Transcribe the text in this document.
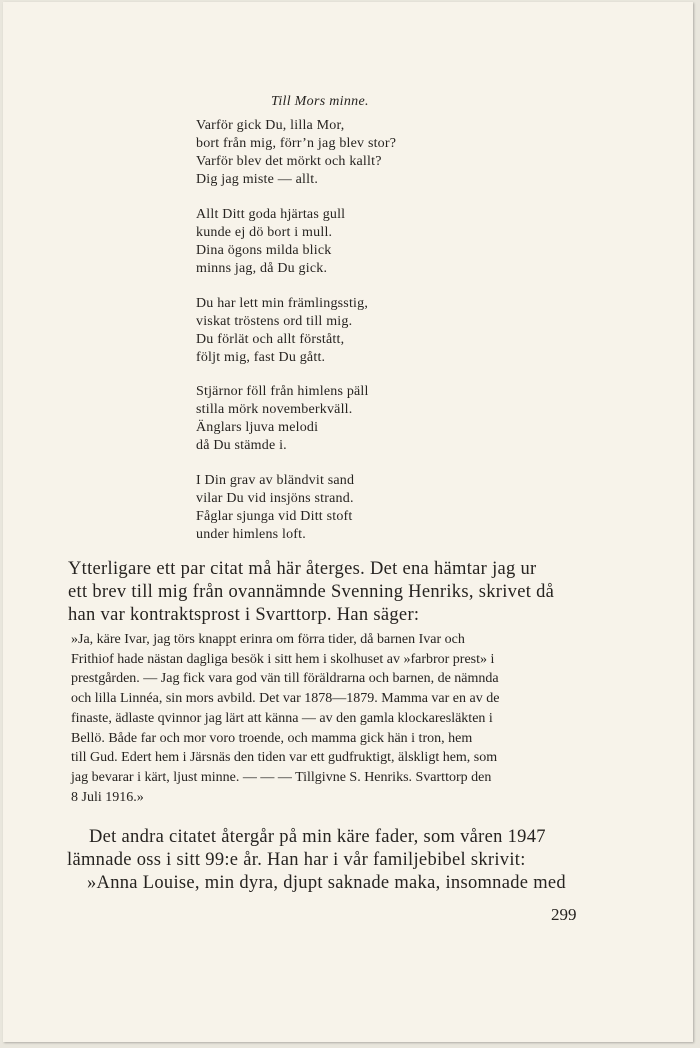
Till Mors minne.
Varför gick Du, lilla Mor,
bort från mig, förr’n jag blev stor?
Varför blev det mörkt och kallt?
Dig jag miste — allt.
Allt Ditt goda hjärtas gull
kunde ej dö bort i mull.
Dina ögons milda blick
minns jag, då Du gick.
Du har lett min främlingsstig,
viskat tröstens ord till mig.
Du förlät och allt förstått,
följt mig, fast Du gått.
Stjärnor föll från himlens päll
stilla mörk novemberkväll.
Änglars ljuva melodi
då Du stämde i.
I Din grav av bländvit sand
vilar Du vid insjöns strand.
Fåglar sjunga vid Ditt stoft
under himlens loft.
Ytterligare ett par citat må här återges. Det ena hämtar jag ur
ett brev till mig från ovannämnde Svenning Henriks, skrivet då
han var kontraktsprost i Svarttorp. Han säger:
»Ja, käre Ivar, jag törs knappt erinra om förra tider, då barnen Ivar och
Frithiof hade nästan dagliga besök i sitt hem i skolhuset av »farbror prest» i
prestgården. — Jag fick vara god vän till föräldrarna och barnen, de nämnda
och lilla Linnéa, sin mors avbild. Det var 1878—1879. Mamma var en av de
finaste, ädlaste qvinnor jag lärt att känna — av den gamla klockaresläkten i
Bellö. Både far och mor voro troende, och mamma gick hän i tron, hem
till Gud. Edert hem i Järsnäs den tiden var ett gudfruktigt, älskligt hem, som
jag bevarar i kärt, ljust minne. — — — Tillgivne S. Henriks. Svarttorp den
8 Juli 1916.»
Det andra citatet återgår på min käre fader, som våren 1947
lämnade oss i sitt 99:e år. Han har i vår familjebibel skrivit:
»Anna Louise, min dyra, djupt saknade maka, insomnade med
299
